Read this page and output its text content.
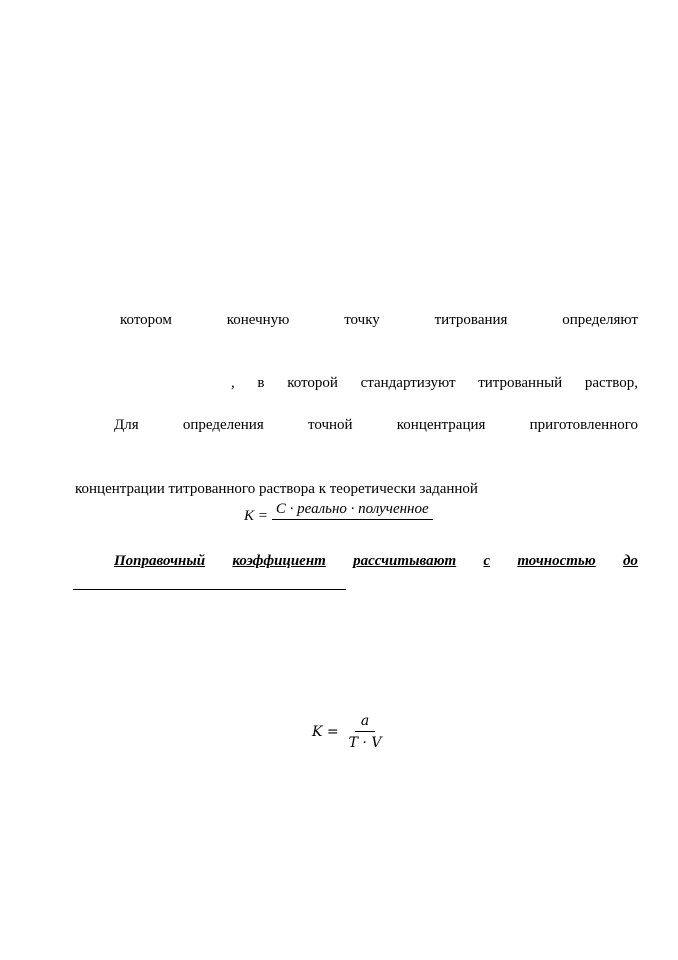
котором	конечную	точку	титрования	определяют
, в которой стандартизуют титрованный раствор,
Для	определения	точной	концентрация	приготовленного
концентрации титрованного раствора к теоретически заданной
K = C · реально · полученное
Поправочный коэффициент рассчитывают с точностью до
$K = \frac{a}{T \cdot V}$
